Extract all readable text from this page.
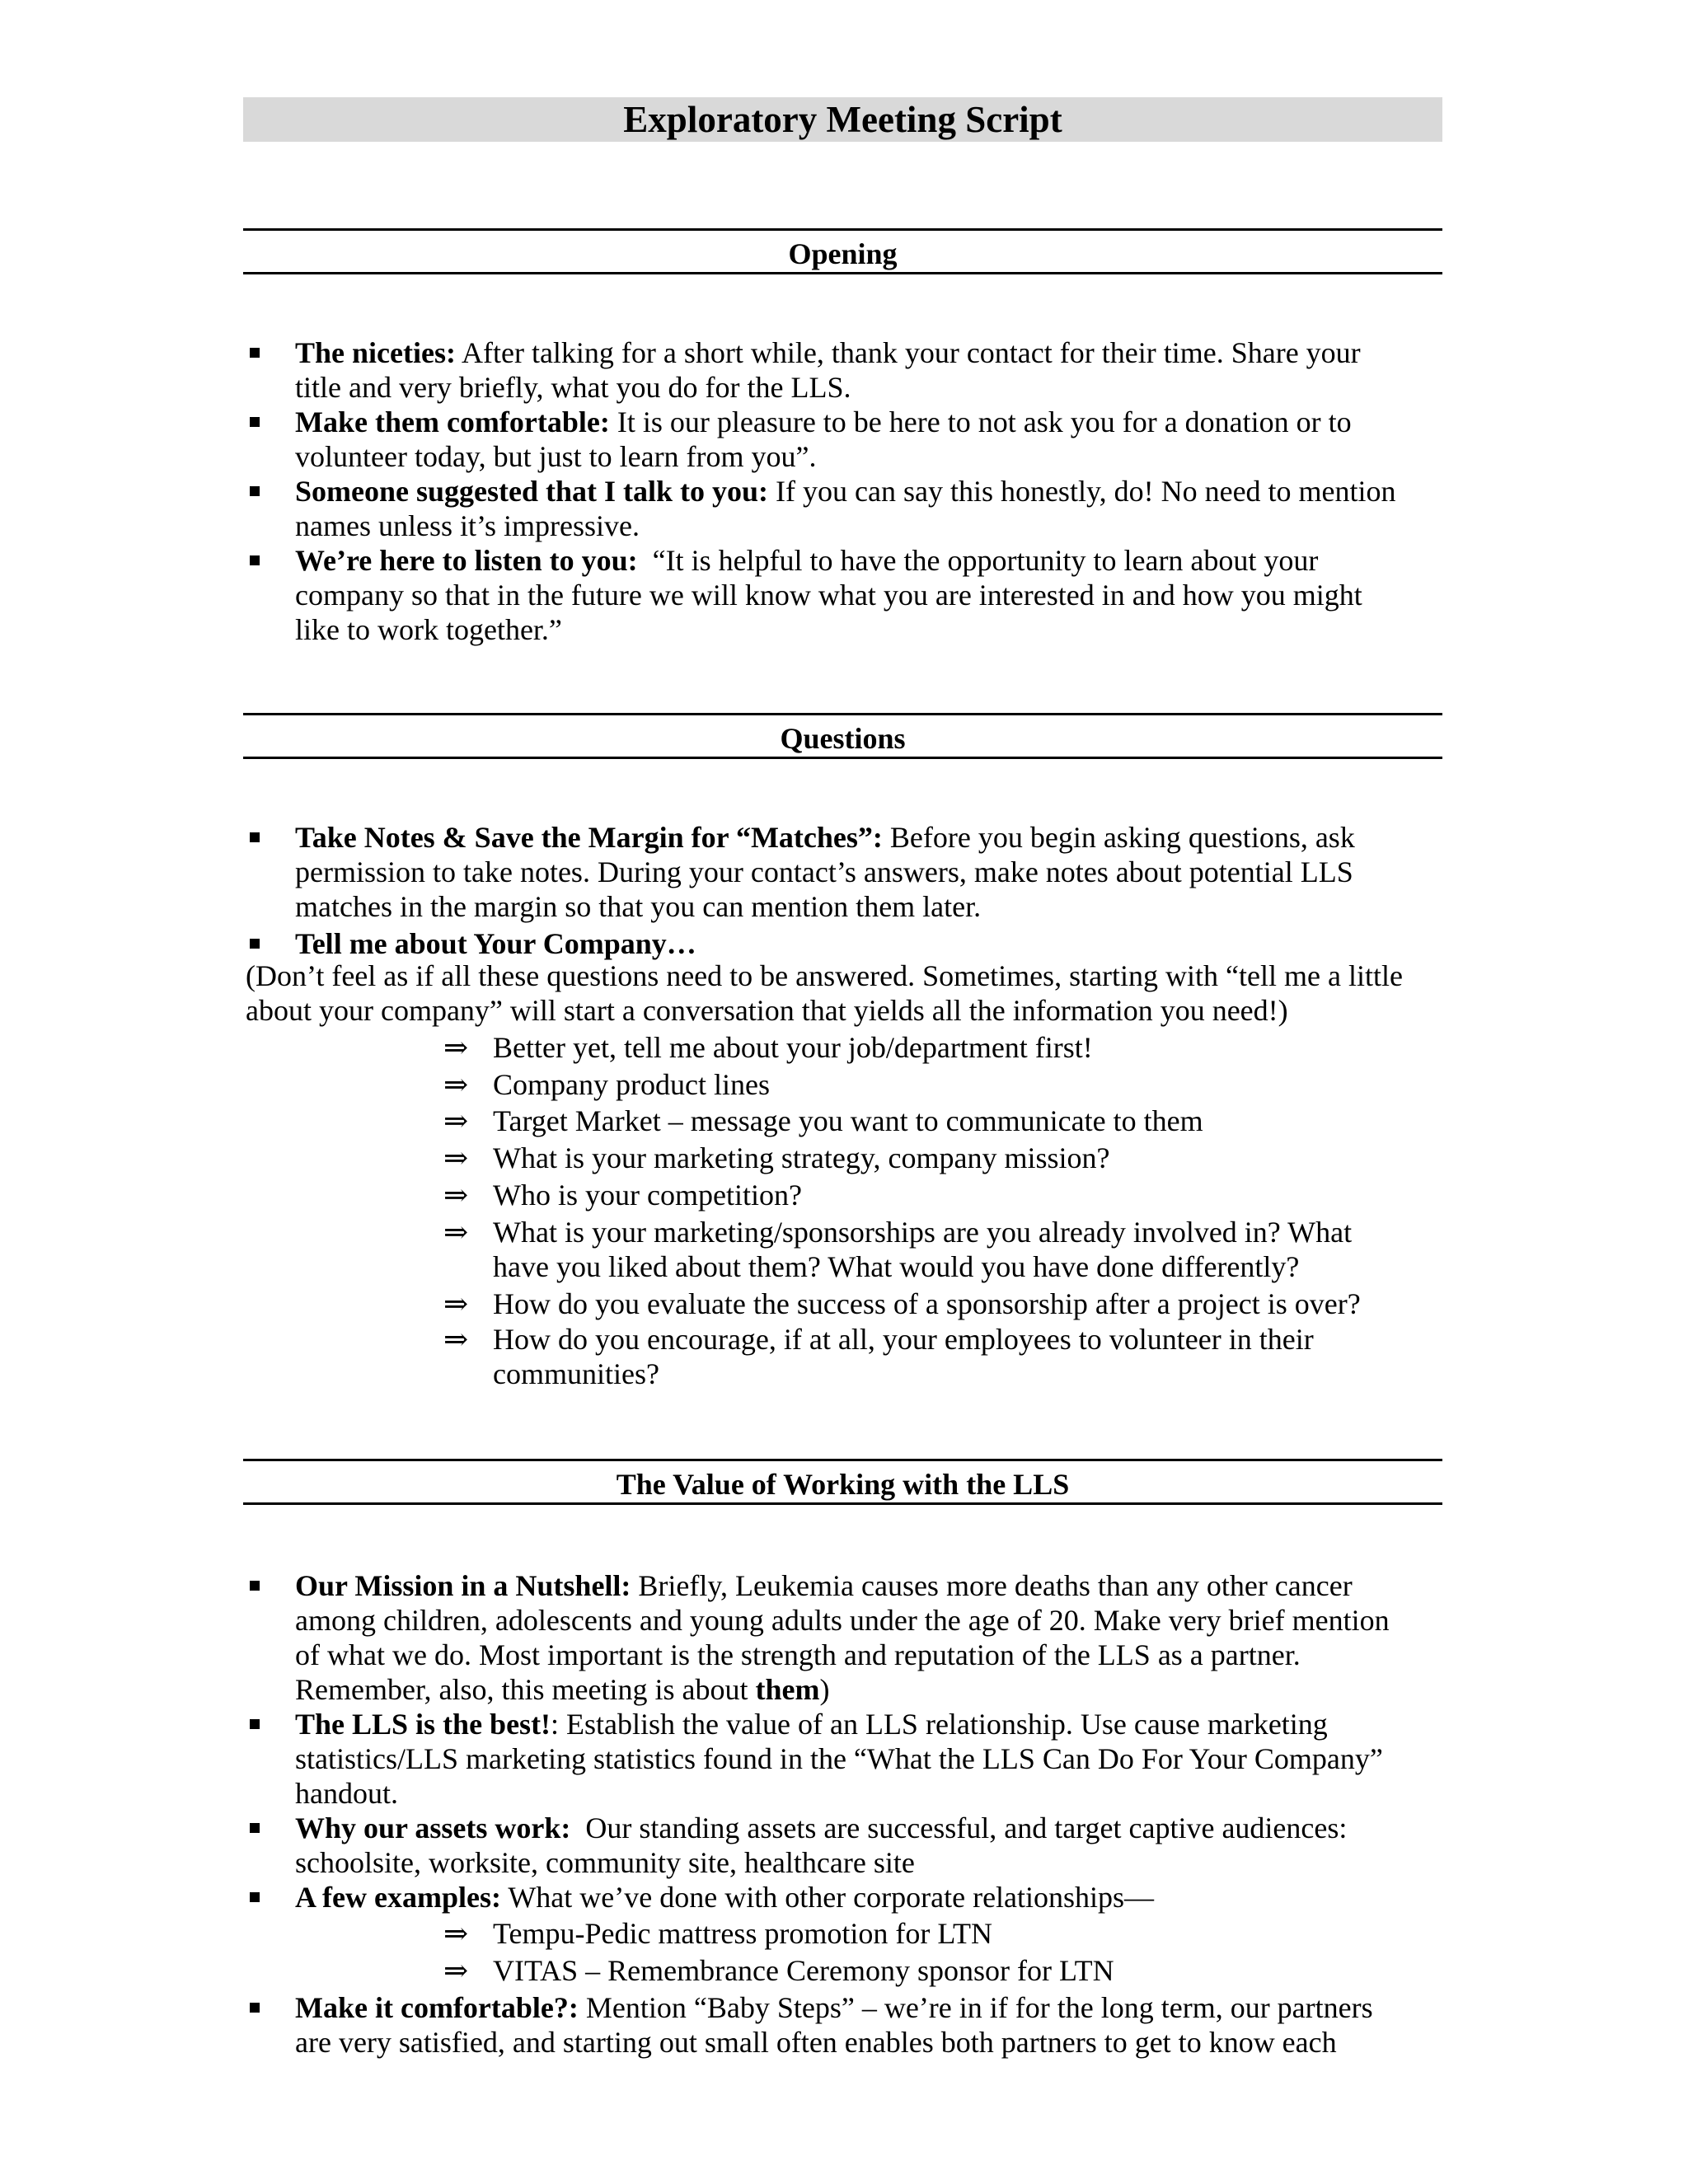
Exploratory Meeting Script
Opening
The niceties: After talking for a short while, thank your contact for their time. Share your
title and very briefly, what you do for the LLS.
Make them comfortable: It is our pleasure to be here to not ask you for a donation or to
volunteer today, but just to learn from you”.
Someone suggested that I talk to you: If you can say this honestly, do! No need to mention
names unless it’s impressive.
We’re here to listen to you: “It is helpful to have the opportunity to learn about your
company so that in the future we will know what you are interested in and how you might
like to work together.”
Questions
Take Notes & Save the Margin for “Matches”: Before you begin asking questions, ask
permission to take notes. During your contact’s answers, make notes about potential LLS
matches in the margin so that you can mention them later.
Tell me about Your Company…
(Don’t feel as if all these questions need to be answered. Sometimes, starting with “tell me a little
about your company” will start a conversation that yields all the information you need!)
⇒ Better yet, tell me about your job/department first!
⇒ Company product lines
⇒ Target Market – message you want to communicate to them
⇒ What is your marketing strategy, company mission?
⇒ Who is your competition?
⇒ What is your marketing/sponsorships are you already involved in? What
have you liked about them? What would you have done differently?
⇒ How do you evaluate the success of a sponsorship after a project is over?
⇒ How do you encourage, if at all, your employees to volunteer in their
communities?
The Value of Working with the LLS
Our Mission in a Nutshell: Briefly, Leukemia causes more deaths than any other cancer
among children, adolescents and young adults under the age of 20. Make very brief mention
of what we do. Most important is the strength and reputation of the LLS as a partner.
Remember, also, this meeting is about them)
The LLS is the best!: Establish the value of an LLS relationship. Use cause marketing
statistics/LLS marketing statistics found in the “What the LLS Can Do For Your Company”
handout.
Why our assets work: Our standing assets are successful, and target captive audiences:
schoolsite, worksite, community site, healthcare site
A few examples: What we’ve done with other corporate relationships—
⇒ Tempu-Pedic mattress promotion for LTN
⇒ VITAS – Remembrance Ceremony sponsor for LTN
Make it comfortable?: Mention “Baby Steps” – we’re in if for the long term, our partners
are very satisfied, and starting out small often enables both partners to get to know each
